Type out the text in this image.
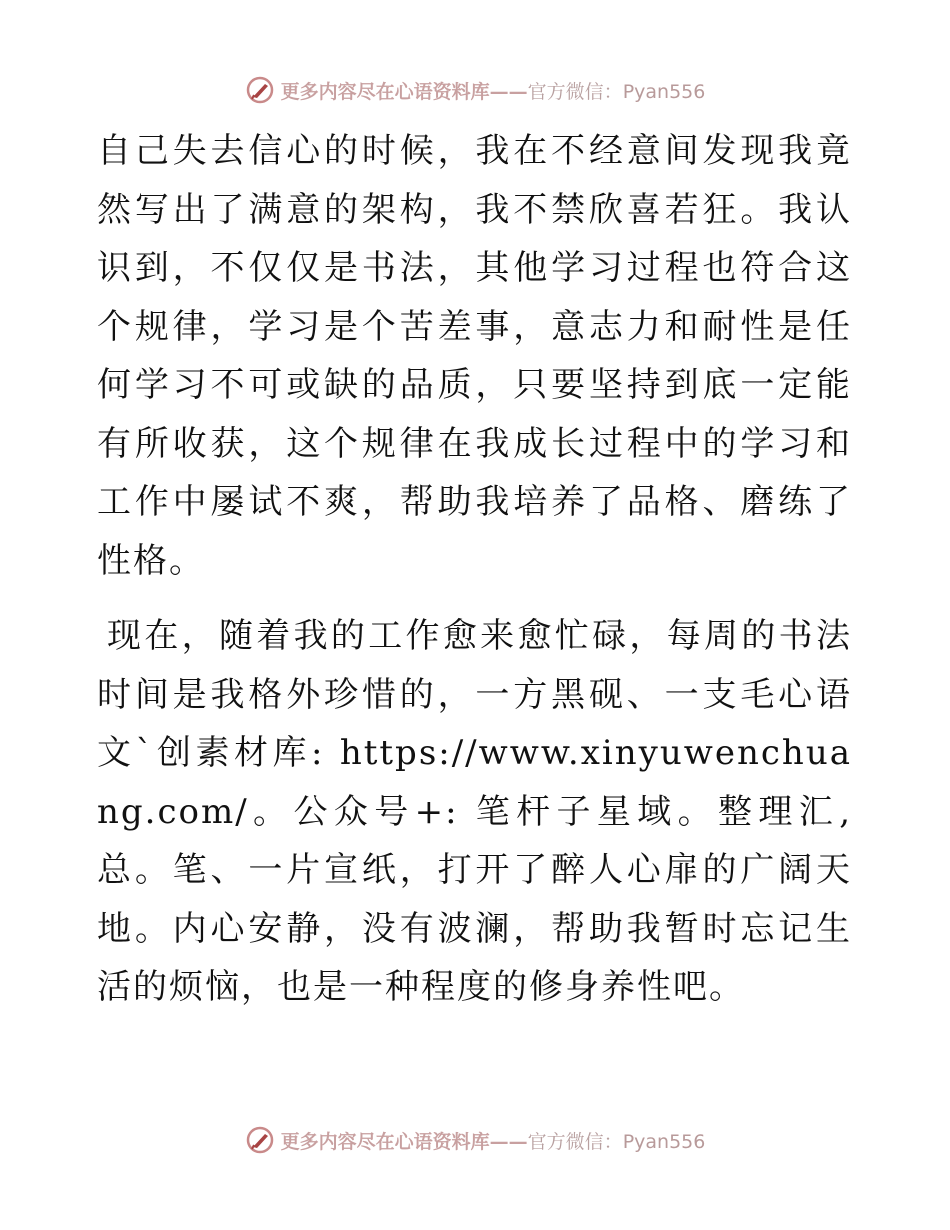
更多内容尽在心语资料库——官方微信：Pyan556

自己失去信心的时候，我在不经意间发现我竟然写出了满意的架构，我不禁欣喜若狂。我认识到，不仅仅是书法，其他学习过程也符合这个规律，学习是个苦差事，意志力和耐性是任何学习不可或缺的品质，只要坚持到底一定能有所收获，这个规律在我成长过程中的学习和工作中屡试不爽，帮助我培养了品格、磨练了性格。

现在，随着我的工作愈来愈忙碌，每周的书法时间是我格外珍惜的，一方黑砚、一支毛心语文`创素材库: https://www.xinyuwenchuang.com/。公众号+: 笔杆子星域。整理汇,总。笔、一片宣纸，打开了醉人心扉的广阔天地。内心安静，没有波澜，帮助我暂时忘记生活的烦恼，也是一种程度的修身养性吧。

更多内容尽在心语资料库——官方微信：Pyan556
